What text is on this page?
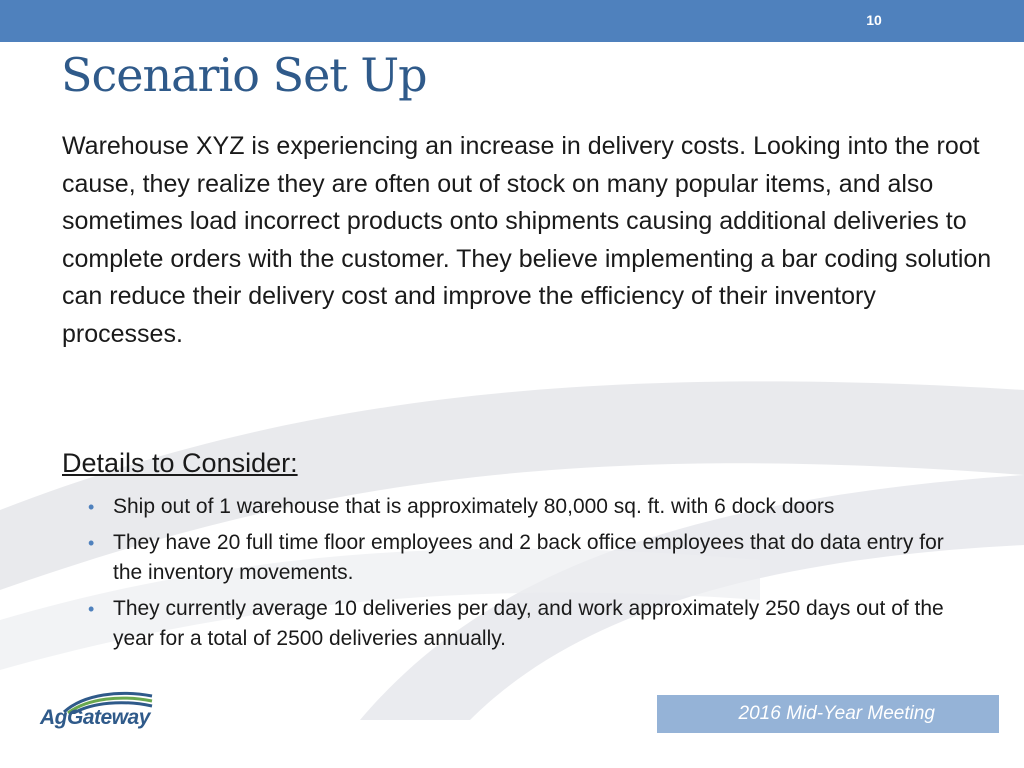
10
Scenario Set Up

Warehouse XYZ is experiencing an increase in delivery costs. Looking into the root cause, they realize they are often out of stock on many popular items, and also sometimes load incorrect products onto shipments causing additional deliveries to complete orders with the customer. They believe implementing a bar coding solution can reduce their delivery cost and improve the efficiency of their inventory processes.

Details to Consider:
• Ship out of 1 warehouse that is approximately 80,000 sq. ft. with 6 dock doors
• They have 20 full time floor employees and 2 back office employees that do data entry for the inventory movements.
• They currently average 10 deliveries per day, and work approximately 250 days out of the year for a total of 2500 deliveries annually.
AgGateway	2016 Mid-Year Meeting
